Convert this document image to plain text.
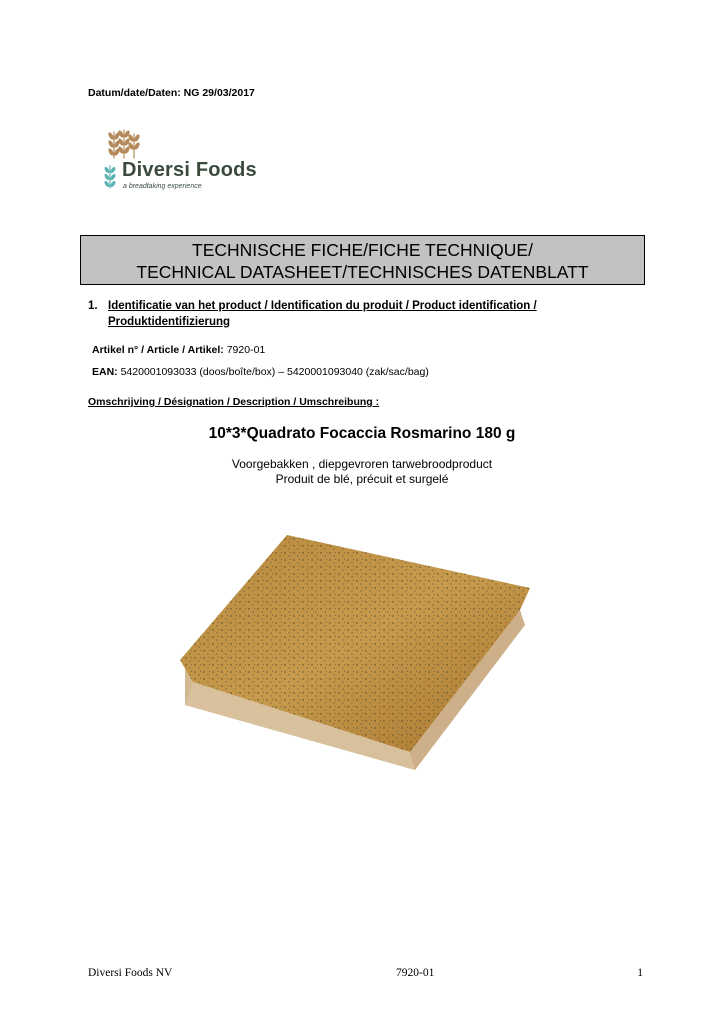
Datum/date/Daten: NG 29/03/2017
Diversi Foods
a breadtaking experience
TECHNISCHE FICHE/FICHE TECHNIQUE/
TECHNICAL DATASHEET/TECHNISCHES DATENBLATT
1. Identificatie van het product / Identification du produit / Product identification / Produktidentifizierung
Artikel n° / Article / Artikel: 7920-01
EAN: 5420001093033 (doos/boîte/box) – 5420001093040 (zak/sac/bag)
Omschrijving / Désignation / Description / Umschreibung :
10*3*Quadrato Focaccia Rosmarino 180 g
Voorgebakken , diepgevroren tarwebroodproduct
Produit de blé, précuit et surgelé
Diversi Foods NV	7920-01	1
